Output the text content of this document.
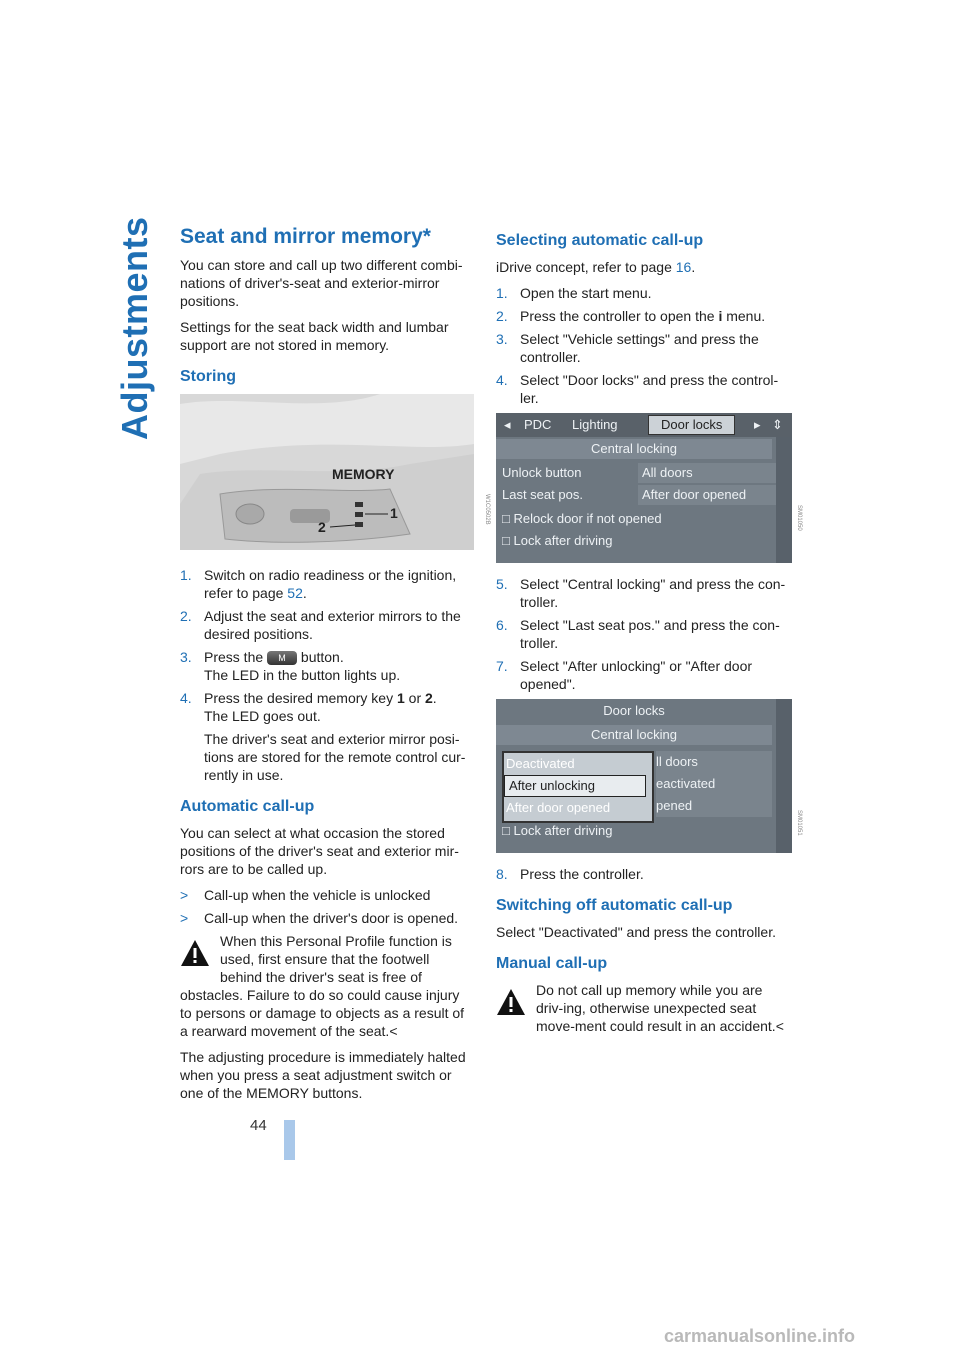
Adjustments Seat and mirror memory*

You can store and call up two different combi-nations of driver's-seat and exterior-mirror positions.

Settings for the seat back width and lumbar support are not stored in memory.

Storing
MEMORY
1
2
W1C0502B
1. Switch on radio readiness or the ignition, refer to page 52.
2. Adjust the seat and exterior mirrors to the desired positions.
3. Press the M button.
The LED in the button lights up.
4. Press the desired memory key 1 or 2.
The LED goes out.

The driver's seat and exterior mirror posi-tions are stored for the remote control cur-rently in use.
Automatic call-up

You can select at what occasion the stored positions of the driver's seat and exterior mir-rors are to be called up.

>	Call-up when the vehicle is unlocked
>	Call-up when the driver's door is opened.
When this Personal Profile function is used, first ensure that the footwell behind the driver's seat is free of obstacles. Failure to do so could cause injury to persons or damage to objects as a result of a rearward movement of the seat.<

The adjusting procedure is immediately halted when you press a seat adjustment switch or one of the MEMORY buttons.

Selecting automatic call-up

iDrive concept, refer to page 16.

1. Open the start menu.
2. Press the controller to open the i menu.
3. Select "Vehicle settings" and press the controller.
4. Select "Door locks" and press the control-ler.
◂ PDC Lighting	Door locks	▸ ⇕
Central locking
Unlock button	All doors
Last seat pos.	After door opened
□ Relock door if not opened
□ Lock after driving
5. Select "Central locking" and press the con-troller.
6. Select "Last seat pos." and press the con-troller.
7. Select "After unlocking" or "After door opened".
Door locks
Central locking
Deactivated
After unlocking
After door opened
ll doors
eactivated
pened
□ Lock after driving
8. Press the controller.
Switching off automatic call-up

Select "Deactivated" and press the controller.

Manual call-up
Do not call up memory while you are driv-ing, otherwise unexpected seat move-ment could result in an accident.<
SM01050
SM01051
44
carmanualsonline.info
